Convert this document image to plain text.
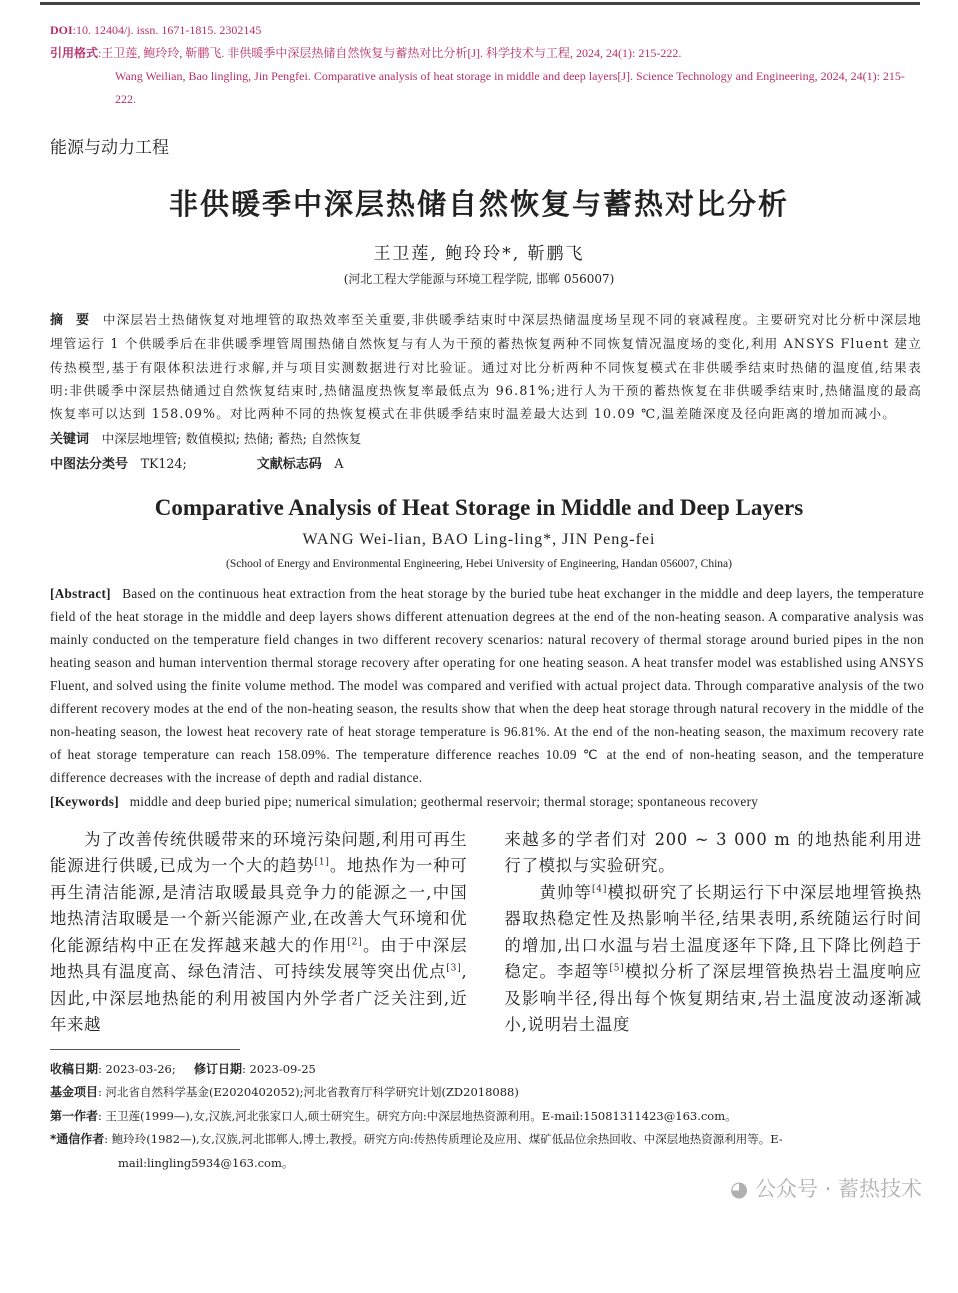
DOI:10. 12404/j. issn. 1671-1815. 2302145
引用格式:王卫莲, 鲍玲玲, 靳鹏飞. 非供暖季中深层热储自然恢复与蓄热对比分析[J]. 科学技术与工程, 2024, 24(1): 215-222.
Wang Weilian, Bao lingling, Jin Pengfei. Comparative analysis of heat storage in middle and deep layers[J]. Science Technology and Engineering, 2024, 24(1): 215-222.
能源与动力工程
非供暖季中深层热储自然恢复与蓄热对比分析
王卫莲, 鲍玲玲*, 靳鹏飞
(河北工程大学能源与环境工程学院, 邯郸 056007)
摘　要　 中深层岩土热储恢复对地埋管的取热效率至关重要,非供暖季结束时中深层热储温度场呈现不同的衰减程度。主要研究对比分析中深层地埋管运行 1 个供暖季后在非供暖季埋管周围热储自然恢复与有人为干预的蓄热恢复两种不同恢复情况温度场的变化,利用 ANSYS Fluent 建立传热模型,基于有限体积法进行求解,并与项目实测数据进行对比验证。通过对比分析两种不同恢复模式在非供暖季结束时热储的温度值,结果表明:非供暖季中深层热储通过自然恢复结束时,热储温度热恢复率最低点为 96.81%;进行人为干预的蓄热恢复在非供暖季结束时,热储温度的最高恢复率可以达到 158.09%。对比两种不同的热恢复模式在非供暖季结束时温差最大达到 10.09 ℃,温差随深度及径向距离的增加而减小。
关键词　 中深层地埋管; 数值模拟; 热储; 蓄热; 自然恢复
中图法分类号　 TK124;	文献标志码　 A
Comparative Analysis of Heat Storage in Middle and Deep Layers
WANG Wei-lian, BAO Ling-ling*, JIN Peng-fei
(School of Energy and Environmental Engineering, Hebei University of Engineering, Handan 056007, China)
[Abstract] Based on the continuous heat extraction from the heat storage by the buried tube heat exchanger in the middle and deep layers, the temperature field of the heat storage in the middle and deep layers shows different attenuation degrees at the end of the non-heating season. A comparative analysis was mainly conducted on the temperature field changes in two different recovery scenarios: natural recovery of thermal storage around buried pipes in the non heating season and human intervention thermal storage recovery after operating for one heating season. A heat transfer model was established using ANSYS Fluent, and solved using the finite volume method. The model was compared and verified with actual project data. Through comparative analysis of the two different recovery modes at the end of the non-heating season, the results show that when the deep heat storage through natural recovery in the middle of the non-heating season, the lowest heat recovery rate of heat storage temperature is 96.81%. At the end of the non-heating season, the maximum recovery rate of heat storage temperature can reach 158.09%. The temperature difference reaches 10.09 ℃ at the end of non-heating season, and the temperature difference decreases with the increase of depth and radial distance.
[Keywords] middle and deep buried pipe; numerical simulation; geothermal reservoir; thermal storage; spontaneous recovery
　　为了改善传统供暖带来的环境污染问题,利用可再生能源进行供暖,已成为一个大的趋势[1]。地热作为一种可再生清洁能源,是清洁取暖最具竞争力的能源之一,中国地热清洁取暖是一个新兴能源产业,在改善大气环境和优化能源结构中正在发挥越来越大的作用[2]。由于中深层地热具有温度高、绿色清洁、可持续发展等突出优点[3],因此,中深层地热能的利用被国内外学者广泛关注到,近年来越
来越多的学者们对 200 ~ 3 000 m 的地热能利用进行了模拟与实验研究。
　　黄帅等[4]模拟研究了长期运行下中深层地埋管换热器取热稳定性及热影响半径,结果表明,系统随运行时间的增加,出口水温与岩土温度逐年下降,且下降比例趋于稳定。李超等[5]模拟分析了深层埋管换热岩土温度响应及影响半径,得出每个恢复期结束,岩土温度波动逐渐减小,说明岩土温度
收稿日期: 2023-03-26; 修订日期: 2023-09-25
基金项目: 河北省自然科学基金(E2020402052);河北省教育厅科学研究计划(ZD2018088)
第一作者: 王卫莲(1999—),女,汉族,河北张家口人,硕士研究生。研究方向:中深层地热资源利用。E-mail:15081311423@163.com。
*通信作者: 鲍玲玲(1982—),女,汉族,河北邯郸人,博士,教授。研究方向:传热传质理论及应用、煤矿低品位余热回收、中深层地热资源利用等。E-mail:lingling5934@163.com。
◕ 公众号 · 蓄热技术
